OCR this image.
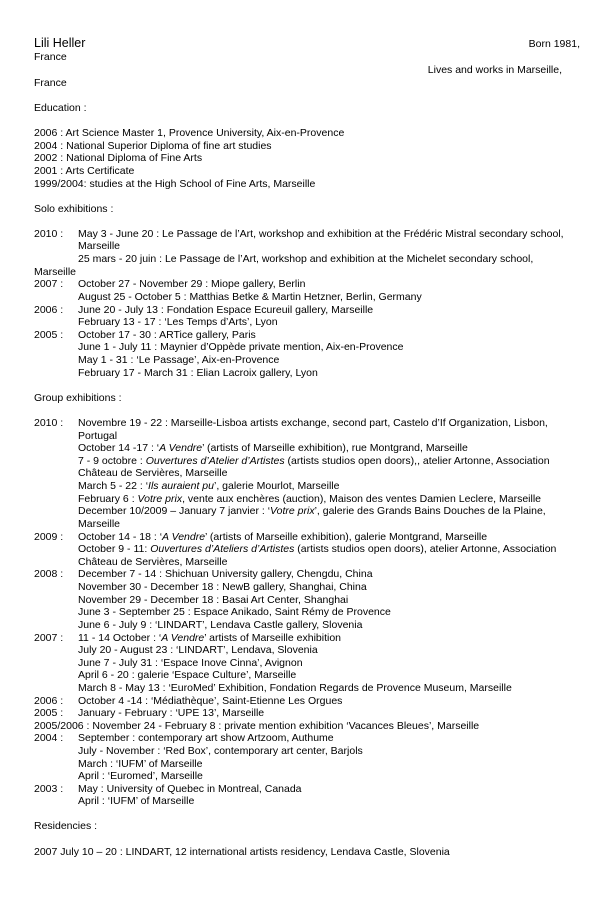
Lili Heller	Born 1981,
France
Lives and works in Marseille,
France
Education :
2006 : Art Science Master 1, Provence University, Aix-en-Provence
2004 : National Superior Diploma of fine art studies
2002 : National Diploma of Fine Arts
2001 : Arts Certificate
1999/2004: studies at the High School of Fine Arts, Marseille
Solo exhibitions :
2010 : May 3 - June 20 : Le Passage de l’Art, workshop and exhibition at the Frédéric Mistral secondary school,
Marseille
25 mars - 20 juin : Le Passage de l’Art, workshop and exhibition at the Michelet secondary school,
Marseille
2007 : October 27 - November 29 : Miope gallery, Berlin
August 25 - October 5 : Matthias Betke & Martin Hetzner, Berlin, Germany
2006 : June 20 - July 13 : Fondation Espace Ecureuil gallery, Marseille
February 13 - 17 : ‘Les Temps d’Arts’, Lyon
2005 : October 17 - 30 : ARTice gallery, Paris
June 1 - July 11 : Maynier d’Oppède private mention, Aix-en-Provence
May 1 - 31 : ‘Le Passage’, Aix-en-Provence
February 17 - March 31 : Elian Lacroix gallery, Lyon
Group exhibitions :
2010 : Novembre 19 - 22 : Marseille-Lisboa artists exchange, second part, Castelo d’If Organization, Lisbon,
Portugal
October 14 -17 : ‘A Vendre’ (artists of Marseille exhibition), rue Montgrand, Marseille
7 - 9 octobre : Ouvertures d’Atelier d’Artistes (artists studios open doors),, atelier Artonne, Association
Château de Servières, Marseille
March 5 - 22 : ‘Ils auraient pu’, galerie Mourlot, Marseille
February 6 : Votre prix, vente aux enchères (auction), Maison des ventes Damien Leclere, Marseille
December 10/2009 – January 7 janvier : ‘Votre prix’, galerie des Grands Bains Douches de la Plaine,
Marseille
2009 : October 14 - 18 : ‘A Vendre’ (artists of Marseille exhibition), galerie Montgrand, Marseille
October 9 - 11: Ouvertures d’Ateliers d’Artistes (artists studios open doors), atelier Artonne, Association
Château de Servières, Marseille
2008 : December 7 - 14 : Shichuan University gallery, Chengdu, China
November 30 - December 18 : NewB gallery, Shanghai, China
November 29 - December 18 : Basai Art Center, Shanghai
June 3 - September 25 : Espace Anikado, Saint Rémy de Provence
June 6 - July 9 : ‘LINDART’, Lendava Castle gallery, Slovenia
2007 : 11 - 14 October : ‘A Vendre’ artists of Marseille exhibition
July 20 - August 23 : ‘LINDART’, Lendava, Slovenia
June 7 - July 31 : ‘Espace Inove Cinna’, Avignon
April 6 - 20 : galerie ‘Espace Culture’, Marseille
March 8 - May 13 : ‘EuroMed’ Exhibition, Fondation Regards de Provence Museum, Marseille
2006 : October 4 -14 : ‘Médiathèque’, Saint-Etienne Les Orgues
2005 : January - February : ‘UPE 13’, Marseille
2005/2006 : November 24 - February 8 : private mention exhibition ‘Vacances Bleues’, Marseille
2004 : September : contemporary art show Artzoom, Authume
July - November : ‘Red Box’, contemporary art center, Barjols
March : ‘IUFM’ of Marseille
April : ‘Euromed’, Marseille
2003 : May : University of Quebec in Montreal, Canada
April : ‘IUFM’ of Marseille
Residencies :
2007 July 10 – 20 : LINDART, 12 international artists residency, Lendava Castle, Slovenia
